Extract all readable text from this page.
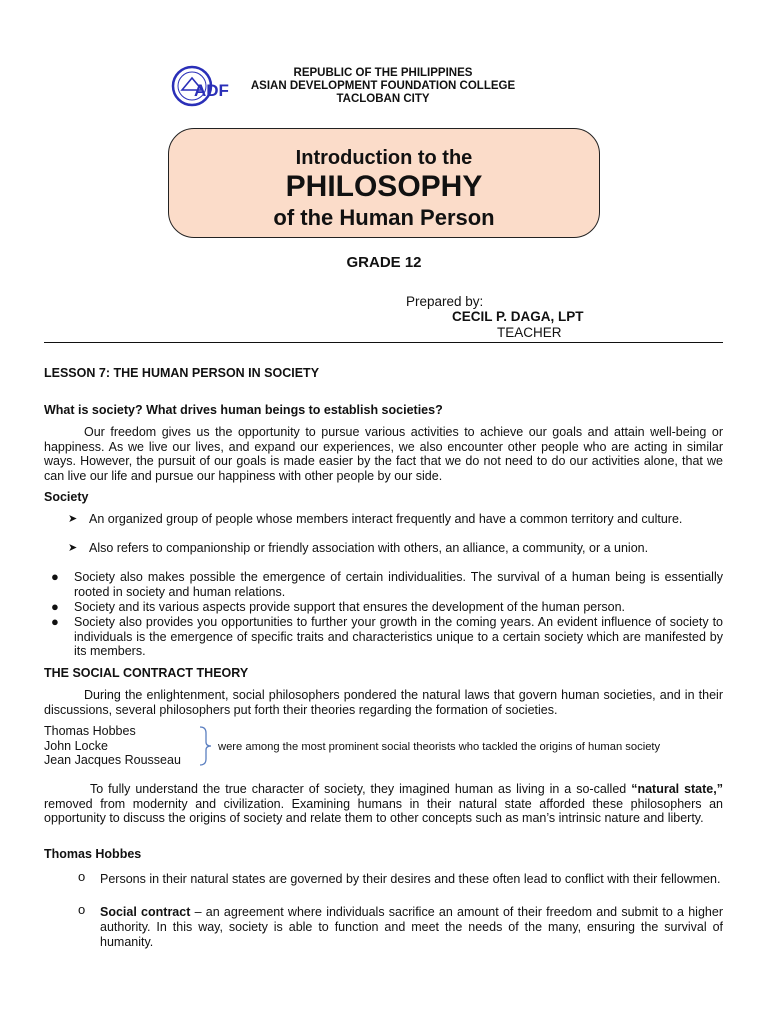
ADF
REPUBLIC OF THE PHILIPPINES
ASIAN DEVELOPMENT FOUNDATION COLLEGE
TACLOBAN CITY
Introduction to the
PHILOSOPHY
of the Human Person
GRADE 12
Prepared by:
CECIL P. DAGA, LPT
TEACHER
LESSON 7: THE HUMAN PERSON IN SOCIETY
What is society? What drives human beings to establish societies?
Our freedom gives us the opportunity to pursue various activities to achieve our goals and attain well-being or happiness. As we live our lives, and expand our experiences, we also encounter other people who are acting in similar ways. However, the pursuit of our goals is made easier by the fact that we do not need to do our activities alone, that we can live our life and pursue our happiness with other people by our side.
Society
➤ An organized group of people whose members interact frequently and have a common territory and culture.
➤ Also refers to companionship or friendly association with others, an alliance, a community, or a union.
● Society also makes possible the emergence of certain individualities. The survival of a human being is essentially rooted in society and human relations.
● Society and its various aspects provide support that ensures the development of the human person.
● Society also provides you opportunities to further your growth in the coming years. An evident influence of society to individuals is the emergence of specific traits and characteristics unique to a certain society which are manifested by its members.
THE SOCIAL CONTRACT THEORY
During the enlightenment, social philosophers pondered the natural laws that govern human societies, and in their discussions, several philosophers put forth their theories regarding the formation of societies.
Thomas Hobbes
John Locke
Jean Jacques Rousseau
were among the most prominent social theorists who tackled the origins of human society
To fully understand the true character of society, they imagined human as living in a so-called “natural state,” removed from modernity and civilization. Examining humans in their natural state afforded these philosophers an opportunity to discuss the origins of society and relate them to other concepts such as man’s intrinsic nature and liberty.
Thomas Hobbes
o Persons in their natural states are governed by their desires and these often lead to conflict with their fellowmen.
o Social contract – an agreement where individuals sacrifice an amount of their freedom and submit to a higher authority. In this way, society is able to function and meet the needs of the many, ensuring the survival of humanity.
